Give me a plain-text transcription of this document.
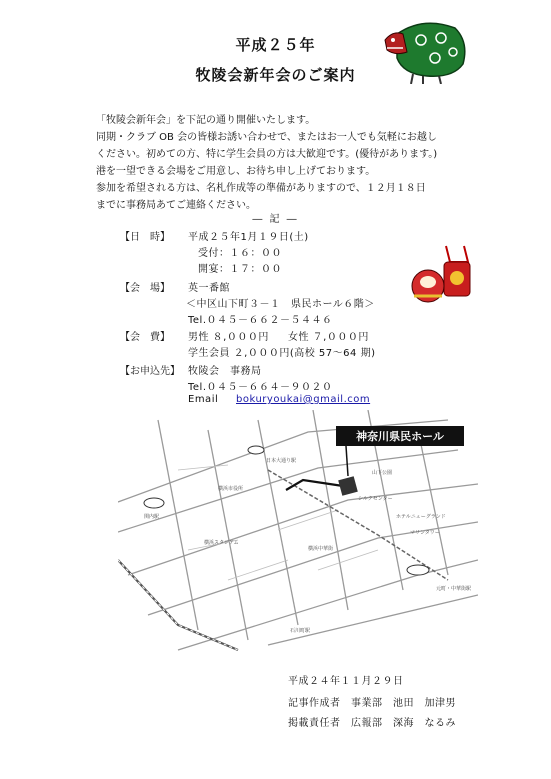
平成２５年
牧陵会新年会のご案内
「牧陵会新年会」を下記の通り開催いたします。
同期・クラブ OB 会の皆様お誘い合わせで、またはお一人でも気軽にお越し
ください。初めての方、特に学生会員の方は大歓迎です。(優待があります。)
港を一望できる会場をご用意し、お待ち申し上げております。
参加を希望される方は、名札作成等の準備がありますので、１２月１８日
までに事務局あてご連絡ください。
― 記 ―
【日　時】 平成２５年1月１９日(土)
受付：１６：００
開宴：１７：００
【会　場】 英一番館
＜中区山下町３－１　県民ホール６階＞
Tel.０４５－６６２－５４４６
【会　費】 男性 ８,０００円 女性 ７,０００円
学生会員 ２,０００円(高校 57～64 期)
【お申込先】 牧陵会　事務局
Tel.０４５－６６４－９０２０
Email bokuryoukai@gmail.com
神奈川県民ホール
関内駅
元町・中華街駅
石川町駅
山下公園
横浜スタジアム
日本大通り駅
横浜中華街
マリンタワー
ホテルニューグランド
横浜市役所
シルクセンター
平成２４年１１月２９日
記事作成者　事業部　池田　加津男
掲載責任者　広報部　深海　なるみ
